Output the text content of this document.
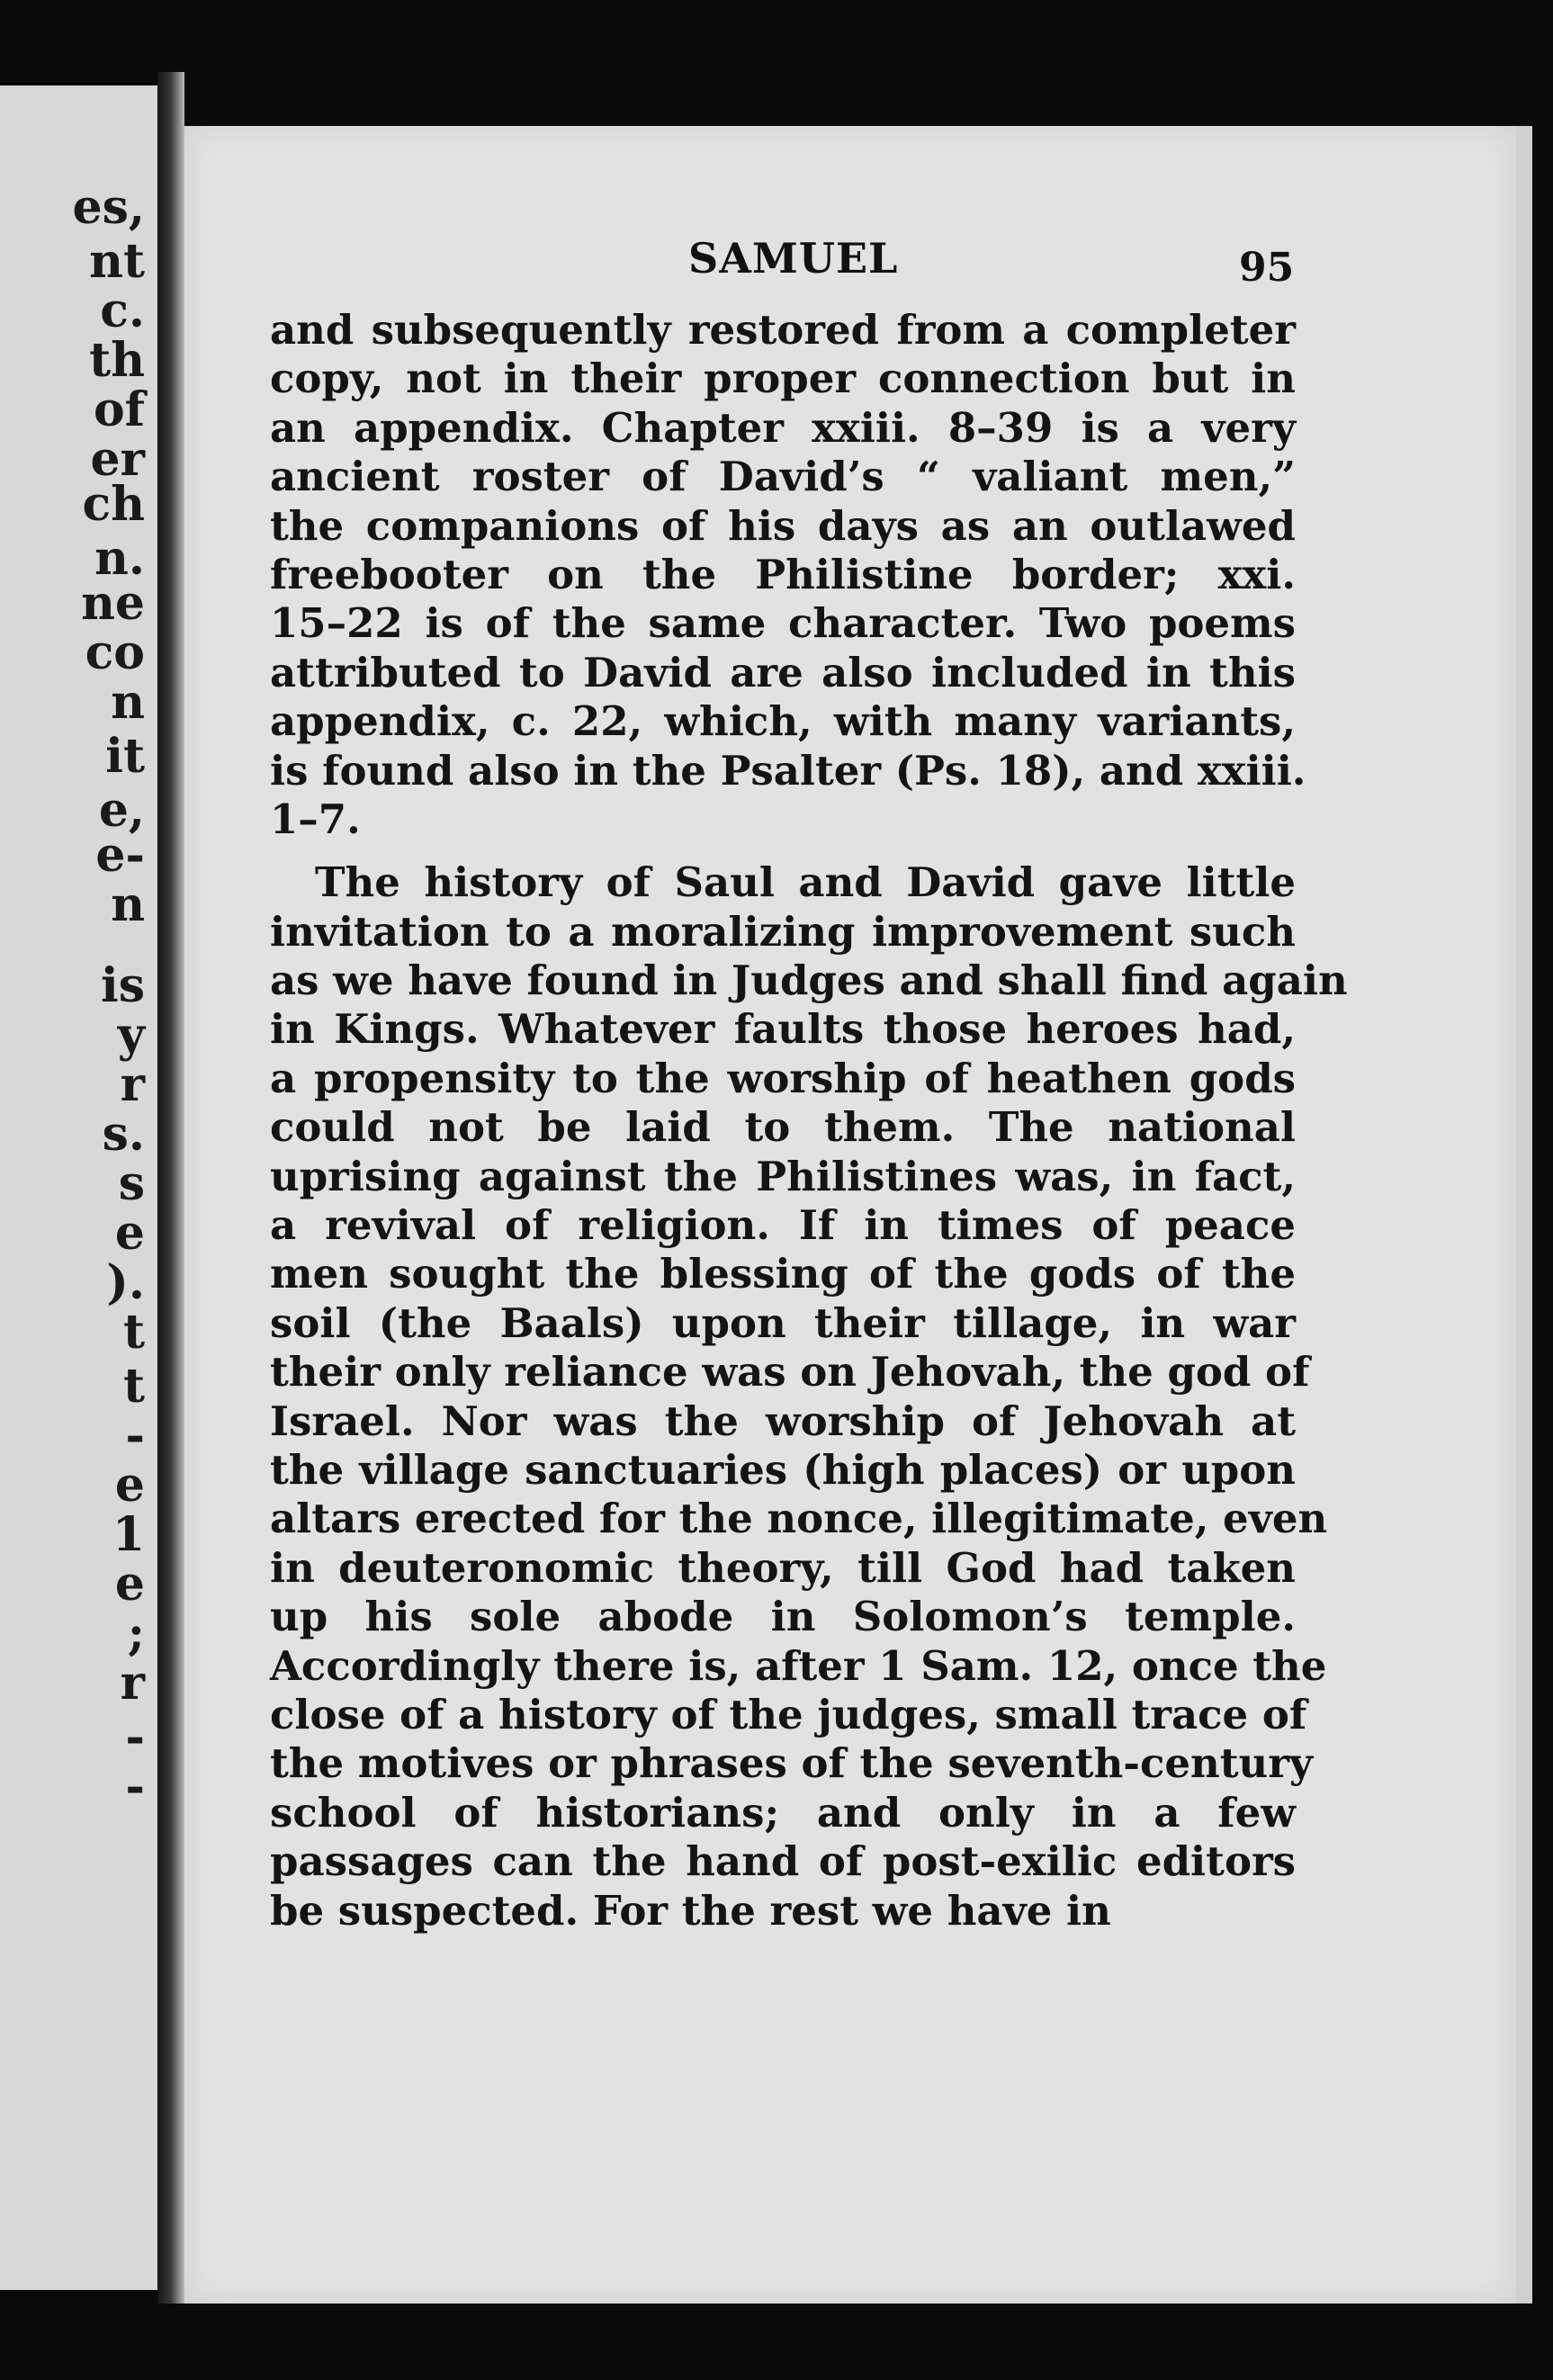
es,
nt
c.
th
of
er
ch
n.
ne
co
n
it
e,
e-
n
is
y
r
s.
s
e
).
t
t
-
e
1
e
;
r
-
-
SAMUEL	95
and subsequently restored from a completer
copy, not in their proper connection but in
an appendix. Chapter xxiii. 8–39 is a very
ancient roster of David’s “ valiant men,”
the companions of his days as an outlawed
freebooter on the Philistine border; xxi.
15–22 is of the same character. Two poems
attributed to David are also included in this
appendix, c. 22, which, with many variants,
is found also in the Psalter (Ps. 18), and xxiii.
1–7.
The history of Saul and David gave little
invitation to a moralizing improvement such
as we have found in Judges and shall find again
in Kings. Whatever faults those heroes had,
a propensity to the worship of heathen gods
could not be laid to them. The national
uprising against the Philistines was, in fact,
a revival of religion. If in times of peace
men sought the blessing of the gods of the
soil (the Baals) upon their tillage, in war
their only reliance was on Jehovah, the god of
Israel. Nor was the worship of Jehovah at
the village sanctuaries (high places) or upon
altars erected for the nonce, illegitimate, even
in deuteronomic theory, till God had taken
up his sole abode in Solomon’s temple.
Accordingly there is, after 1 Sam. 12, once the
close of a history of the judges, small trace of
the motives or phrases of the seventh-century
school of historians; and only in a few
passages can the hand of post-exilic editors
be suspected. For the rest we have in
